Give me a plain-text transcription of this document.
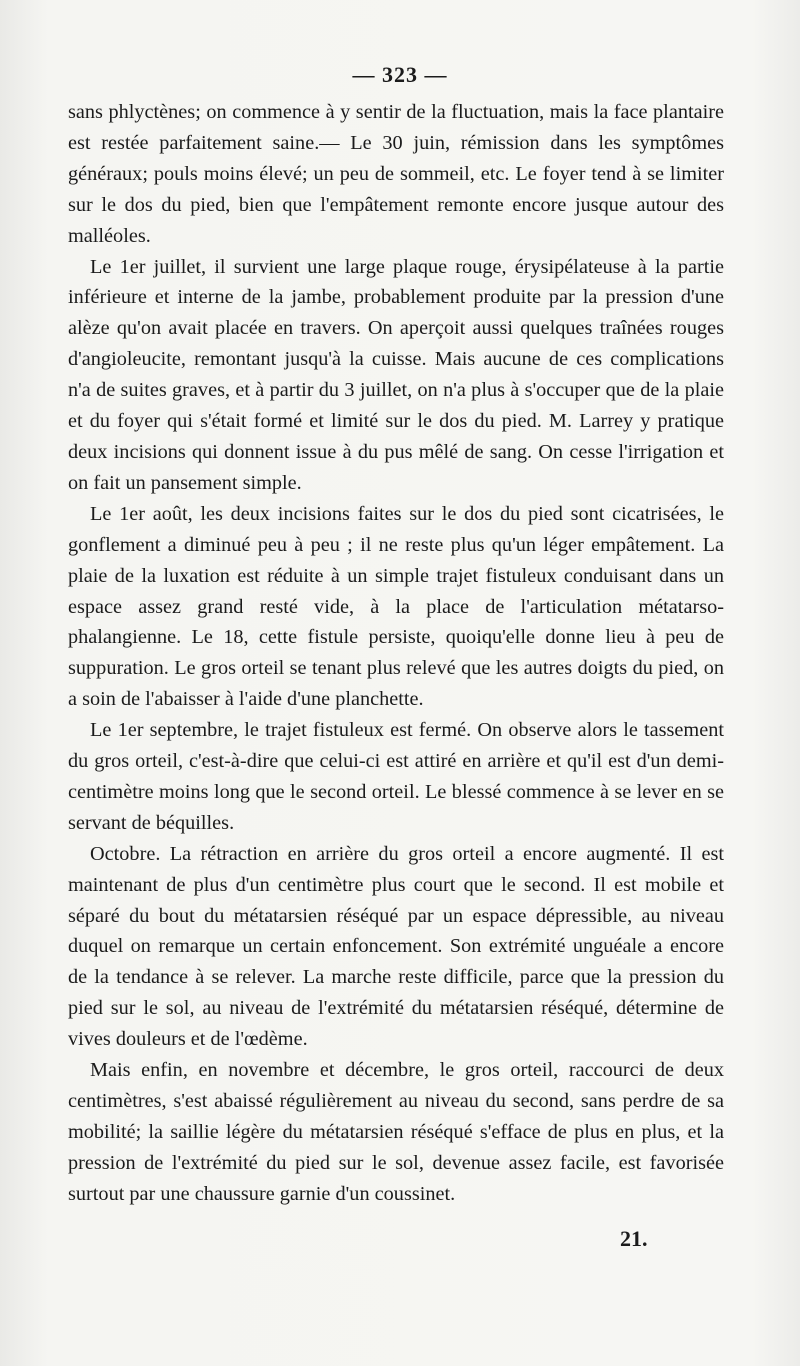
— 323 —

sans phlyctènes; on commence à y sentir de la fluctuation, mais la face plantaire est restée parfaitement saine.— Le 30 juin, rémission dans les symptômes généraux; pouls moins élevé; un peu de sommeil, etc. Le foyer tend à se limiter sur le dos du pied, bien que l'empâtement remonte encore jusque autour des malléoles.

Le 1er juillet, il survient une large plaque rouge, érysipélateuse à la partie inférieure et interne de la jambe, probablement produite par la pression d'une alèze qu'on avait placée en travers. On aperçoit aussi quelques traînées rouges d'angioleucite, remontant jusqu'à la cuisse. Mais aucune de ces complications n'a de suites graves, et à partir du 3 juillet, on n'a plus à s'occuper que de la plaie et du foyer qui s'était formé et limité sur le dos du pied. M. Larrey y pratique deux incisions qui donnent issue à du pus mêlé de sang. On cesse l'irrigation et on fait un pansement simple.

Le 1er août, les deux incisions faites sur le dos du pied sont cicatrisées, le gonflement a diminué peu à peu ; il ne reste plus qu'un léger empâtement. La plaie de la luxation est réduite à un simple trajet fistuleux conduisant dans un espace assez grand resté vide, à la place de l'articulation métatarso-phalangienne. Le 18, cette fistule persiste, quoiqu'elle donne lieu à peu de suppuration. Le gros orteil se tenant plus relevé que les autres doigts du pied, on a soin de l'abaisser à l'aide d'une planchette.

Le 1er septembre, le trajet fistuleux est fermé. On observe alors le tassement du gros orteil, c'est-à-dire que celui-ci est attiré en arrière et qu'il est d'un demi-centimètre moins long que le second orteil. Le blessé commence à se lever en se servant de béquilles.

Octobre. La rétraction en arrière du gros orteil a encore augmenté. Il est maintenant de plus d'un centimètre plus court que le second. Il est mobile et séparé du bout du métatarsien réséqué par un espace dépressible, au niveau duquel on remarque un certain enfoncement. Son extrémité unguéale a encore de la tendance à se relever. La marche reste difficile, parce que la pression du pied sur le sol, au niveau de l'extrémité du métatarsien réséqué, détermine de vives douleurs et de l'œdème.

Mais enfin, en novembre et décembre, le gros orteil, raccourci de deux centimètres, s'est abaissé régulièrement au niveau du second, sans perdre de sa mobilité; la saillie légère du métatarsien réséqué s'efface de plus en plus, et la pression de l'extrémité du pied sur le sol, devenue assez facile, est favorisée surtout par une chaussure garnie d'un coussinet.

21.
